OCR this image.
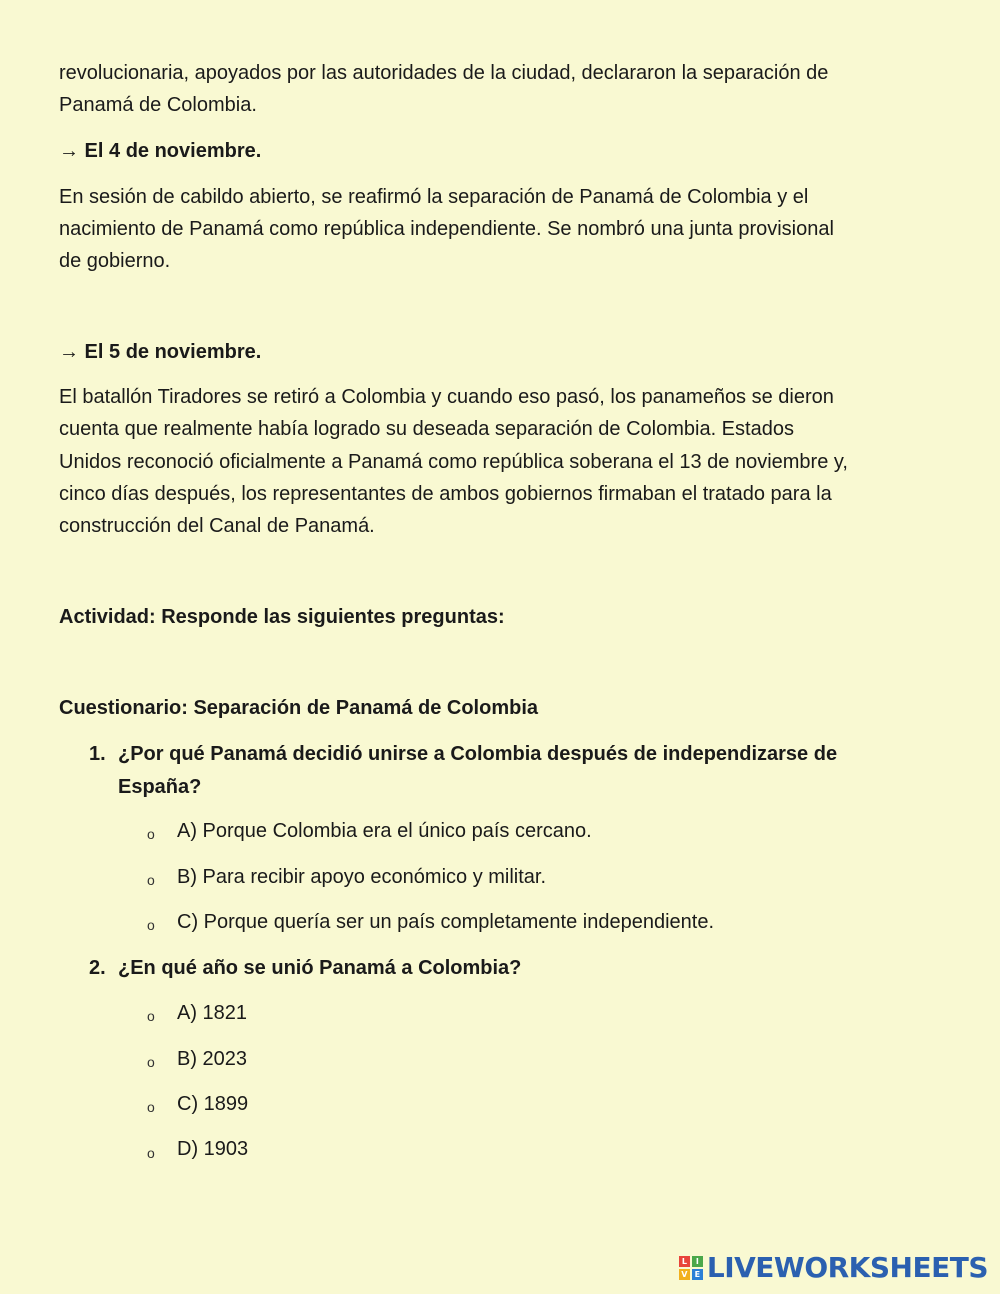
revolucionaria, apoyados por las autoridades de la ciudad, declararon la separación de
Panamá de Colombia.
→ El 4 de noviembre.
En sesión de cabildo abierto, se reafirmó la separación de Panamá de Colombia y el
nacimiento de Panamá como república independiente. Se nombró una junta provisional
de gobierno.
→ El 5 de noviembre.
El batallón Tiradores se retiró a Colombia y cuando eso pasó, los panameños se dieron
cuenta que realmente había logrado su deseada separación de Colombia. Estados
Unidos reconoció oficialmente a Panamá como república soberana el 13 de noviembre y,
cinco días después, los representantes de ambos gobiernos firmaban el tratado para la
construcción del Canal de Panamá.
Actividad: Responde las siguientes preguntas:
Cuestionario: Separación de Panamá de Colombia
1. ¿Por qué Panamá decidió unirse a Colombia después de independizarse de
España?
o A) Porque Colombia era el único país cercano.
o B) Para recibir apoyo económico y militar.
o C) Porque quería ser un país completamente independiente.
2. ¿En qué año se unió Panamá a Colombia?
o A) 1821
o B) 2023
o C) 1899
o D) 1903
L	I
V E LIVEWORKSHEETS
